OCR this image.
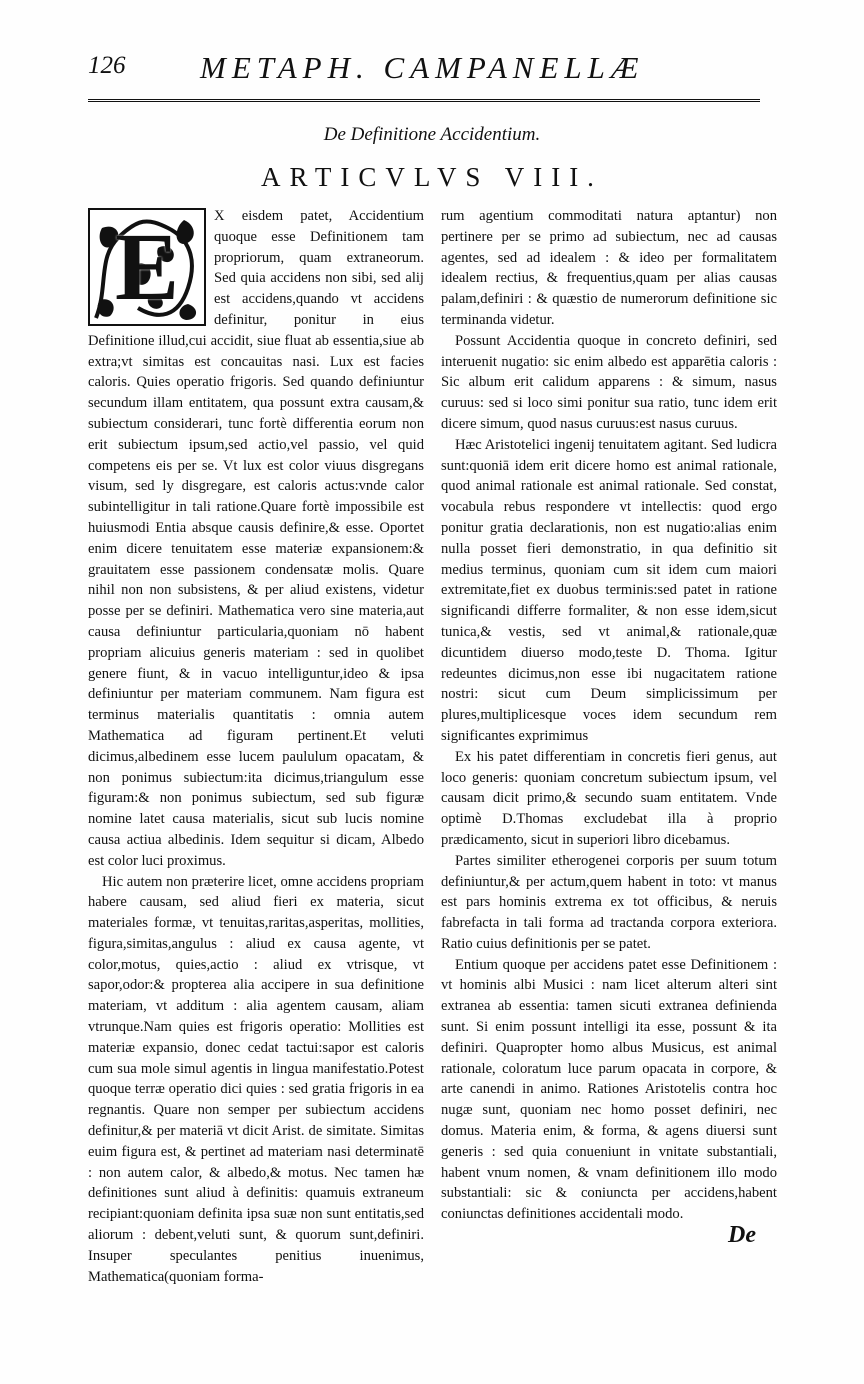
126 METAPH. CAMPANELLÆ
De Definitione Accidentium.
ARTICVLVS VIII.
E	X eisdem patet, Accidentium quoque esse Definitionem tam propriorum, quam extraneorum. Sed quia accidens non sibi, sed alij est accidens,quando vt accidens definitur, ponitur in eius Definitione illud,cui accidit, siue fluat ab essentia,siue ab extra;vt simitas est concauitas nasi. Lux est facies caloris. Quies operatio frigoris. Sed quando definiuntur secundum illam entitatem, qua possunt extra causam,& subiectum considerari, tunc fortè differentia eorum non erit subiectum ipsum,sed actio,vel passio, vel quid competens eis per se. Vt lux est color viuus disgregans visum, sed ly disgregare, est caloris actus:vnde calor subintelligitur in tali ratione.Quare fortè impossibile est huiusmodi Entia absque causis definire,& esse. Oportet enim dicere tenuitatem esse materiæ expansionem:& grauitatem esse passionem condensatæ molis. Quare nihil non non subsistens, & per aliud existens, videtur posse per se definiri. Mathematica vero sine materia,aut causa definiuntur particularia,quoniam nō habent propriam alicuius generis materiam : sed in quolibet genere fiunt, & in vacuo intelliguntur,ideo & ipsa definiuntur per materiam communem. Nam figura est terminus materialis quantitatis : omnia autem Mathematica ad figuram pertinent.Et veluti dicimus,albedinem esse lucem paululum opacatam, & non ponimus subiectum:ita dicimus,triangulum esse figuram:& non ponimus subiectum, sed sub figuræ nomine latet causa materialis, sicut sub lucis nomine causa actiua albedinis. Idem sequitur si dicam, Albedo est color luci proximus.

Hic autem non præterire licet, omne accidens propriam habere causam, sed aliud fieri ex materia, sicut materiales formæ, vt tenuitas,raritas,asperitas, mollities, figura,simitas,angulus : aliud ex causa agente, vt color,motus, quies,actio : aliud ex vtrisque, vt sapor,odor:& propterea alia accipere in sua definitione materiam, vt additum : alia agentem causam, aliam vtrunque.Nam quies est frigoris operatio: Mollities est materiæ expansio, donec cedat tactui:sapor est caloris cum sua mole simul agentis in lingua manifestatio.Potest quoque terræ operatio dici quies : sed gratia frigoris in ea regnantis. Quare non semper per subiectum accidens definitur,& per materiā vt dicit Arist. de simitate. Simitas euim figura est, & pertinet ad materiam nasi determinatē : non autem calor, & albedo,& motus. Nec tamen hæ definitiones sunt aliud à definitis: quamuis extraneum recipiant:quoniam definita ipsa suæ non sunt entitatis,sed aliorum : debent,veluti sunt, & quorum sunt,definiri. Insuper speculantes penitius inuenimus, Mathematica(quoniam forma-

rum agentium commoditati natura aptantur) non pertinere per se primo ad subiectum, nec ad causas agentes, sed ad idealem : & ideo per formalitatem idealem rectius, & frequentius,quam per alias causas palam,definiri : & quæstio de numerorum definitione sic terminanda videtur.

Possunt Accidentia quoque in concreto definiri, sed interuenit nugatio: sic enim albedo est apparētia caloris : Sic album erit calidum apparens : & simum, nasus curuus: sed si loco simi ponitur sua ratio, tunc idem erit dicere simum, quod nasus curuus:est nasus curuus.

Hæc Aristotelici ingenij tenuitatem agitant. Sed ludicra sunt:quoniā idem erit dicere homo est animal rationale, quod animal rationale est animal rationale. Sed constat, vocabula rebus respondere vt intellectis: quod ergo ponitur gratia declarationis, non est nugatio:alias enim nulla posset fieri demonstratio, in qua definitio sit medius terminus, quoniam cum sit idem cum maiori extremitate,fiet ex duobus terminis:sed patet in ratione significandi differre formaliter, & non esse idem,sicut tunica,& vestis, sed vt animal,& rationale,quæ dicuntidem diuerso modo,teste D. Thoma. Igitur redeuntes dicimus,non esse ibi nugacitatem ratione nostri: sicut cum Deum simplicissimum per plures,multiplicesque voces idem secundum rem significantes exprimimus

Ex his patet differentiam in concretis fieri genus, aut loco generis: quoniam concretum subiectum ipsum, vel causam dicit primo,& secundo suam entitatem. Vnde optimè D.Thomas excludebat illa à proprio prædicamento, sicut in superiori libro dicebamus.

Partes similiter etherogenei corporis per suum totum definiuntur,& per actum,quem habent in toto: vt manus est pars hominis extrema ex tot officibus, & neruis fabrefacta in tali forma ad tractanda corpora exteriora. Ratio cuius definitionis per se patet.

Entium quoque per accidens patet esse Definitionem : vt hominis albi Musici : nam licet alterum alteri sint extranea ab essentia: tamen sicuti extranea definienda sunt. Si enim possunt intelligi ita esse, possunt & ita definiri. Quapropter homo albus Musicus, est animal rationale, coloratum luce parum opacata in corpore, & arte canendi in animo. Rationes Aristotelis contra hoc nugæ sunt, quoniam nec homo posset definiri, nec domus. Materia enim, & forma, & agens diuersi sunt generis : sed quia conueniunt in vnitate substantiali, habent vnum nomen, & vnam definitionem illo modo substantiali: sic & coniuncta per accidens,habent coniunctas definitiones accidentali modo.

De
